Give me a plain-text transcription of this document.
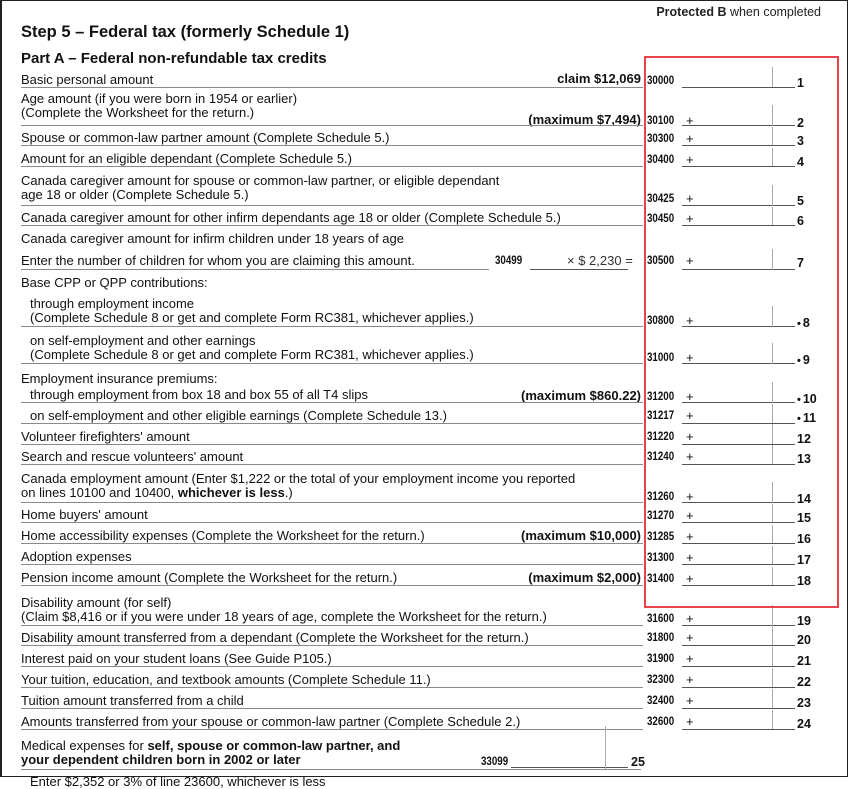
Protected B when completed
Step 5 – Federal tax (formerly Schedule 1)
Part A – Federal non-refundable tax credits
Basic personal amount	claim $12,069 30000	1
Age amount (if you were born in 1954 or earlier)
(Complete the Worksheet for the return.)	(maximum $7,494) 30100 +	2
Spouse or common-law partner amount (Complete Schedule 5.)	30300 +	3
Amount for an eligible dependant (Complete Schedule 5.)	30400 +	4
Canada caregiver amount for spouse or common-law partner, or eligible dependant
age 18 or older (Complete Schedule 5.)	30425 +	5
Canada caregiver amount for other infirm dependants age 18 or older (Complete Schedule 5.)	30450 +	6
Canada caregiver amount for infirm children under 18 years of age
Enter the number of children for whom you are claiming this amount.	30499	× $ 2,230 = 30500 +	7
Base CPP or QPP contributions:
through employment income
(Complete Schedule 8 or get and complete Form RC381, whichever applies.)	30800 +	• 8
on self-employment and other earnings
(Complete Schedule 8 or get and complete Form RC381, whichever applies.)	31000 +	• 9
Employment insurance premiums:
through employment from box 18 and box 55 of all T4 slips	(maximum $860.22) 31200 +	• 10
on self-employment and other eligible earnings (Complete Schedule 13.)	31217 +	• 11
Volunteer firefighters' amount	31220 +	12
Search and rescue volunteers' amount	31240 +	13
Canada employment amount (Enter $1,222 or the total of your employment income you reported
on lines 10100 and 10400, whichever is less.)	31260 +	14
Home buyers' amount	31270 +	15
Home accessibility expenses (Complete the Worksheet for the return.)	(maximum $10,000) 31285 +	16
Adoption expenses	31300 +	17
Pension income amount (Complete the Worksheet for the return.)	(maximum $2,000) 31400 +	18
Disability amount (for self)
(Claim $8,416 or if you were under 18 years of age, complete the Worksheet for the return.)	31600 +	19
Disability amount transferred from a dependant (Complete the Worksheet for the return.)	31800 +	20
Interest paid on your student loans (See Guide P105.)	31900 +	21
Your tuition, education, and textbook amounts (Complete Schedule 11.)	32300 +	22
Tuition amount transferred from a child	32400 +	23
Amounts transferred from your spouse or common-law partner (Complete Schedule 2.)	32600 +	24
Medical expenses for self, spouse or common-law partner, and
your dependent children born in 2002 or later	33099	25
Enter $2,352 or 3% of line 23600, whichever is less
